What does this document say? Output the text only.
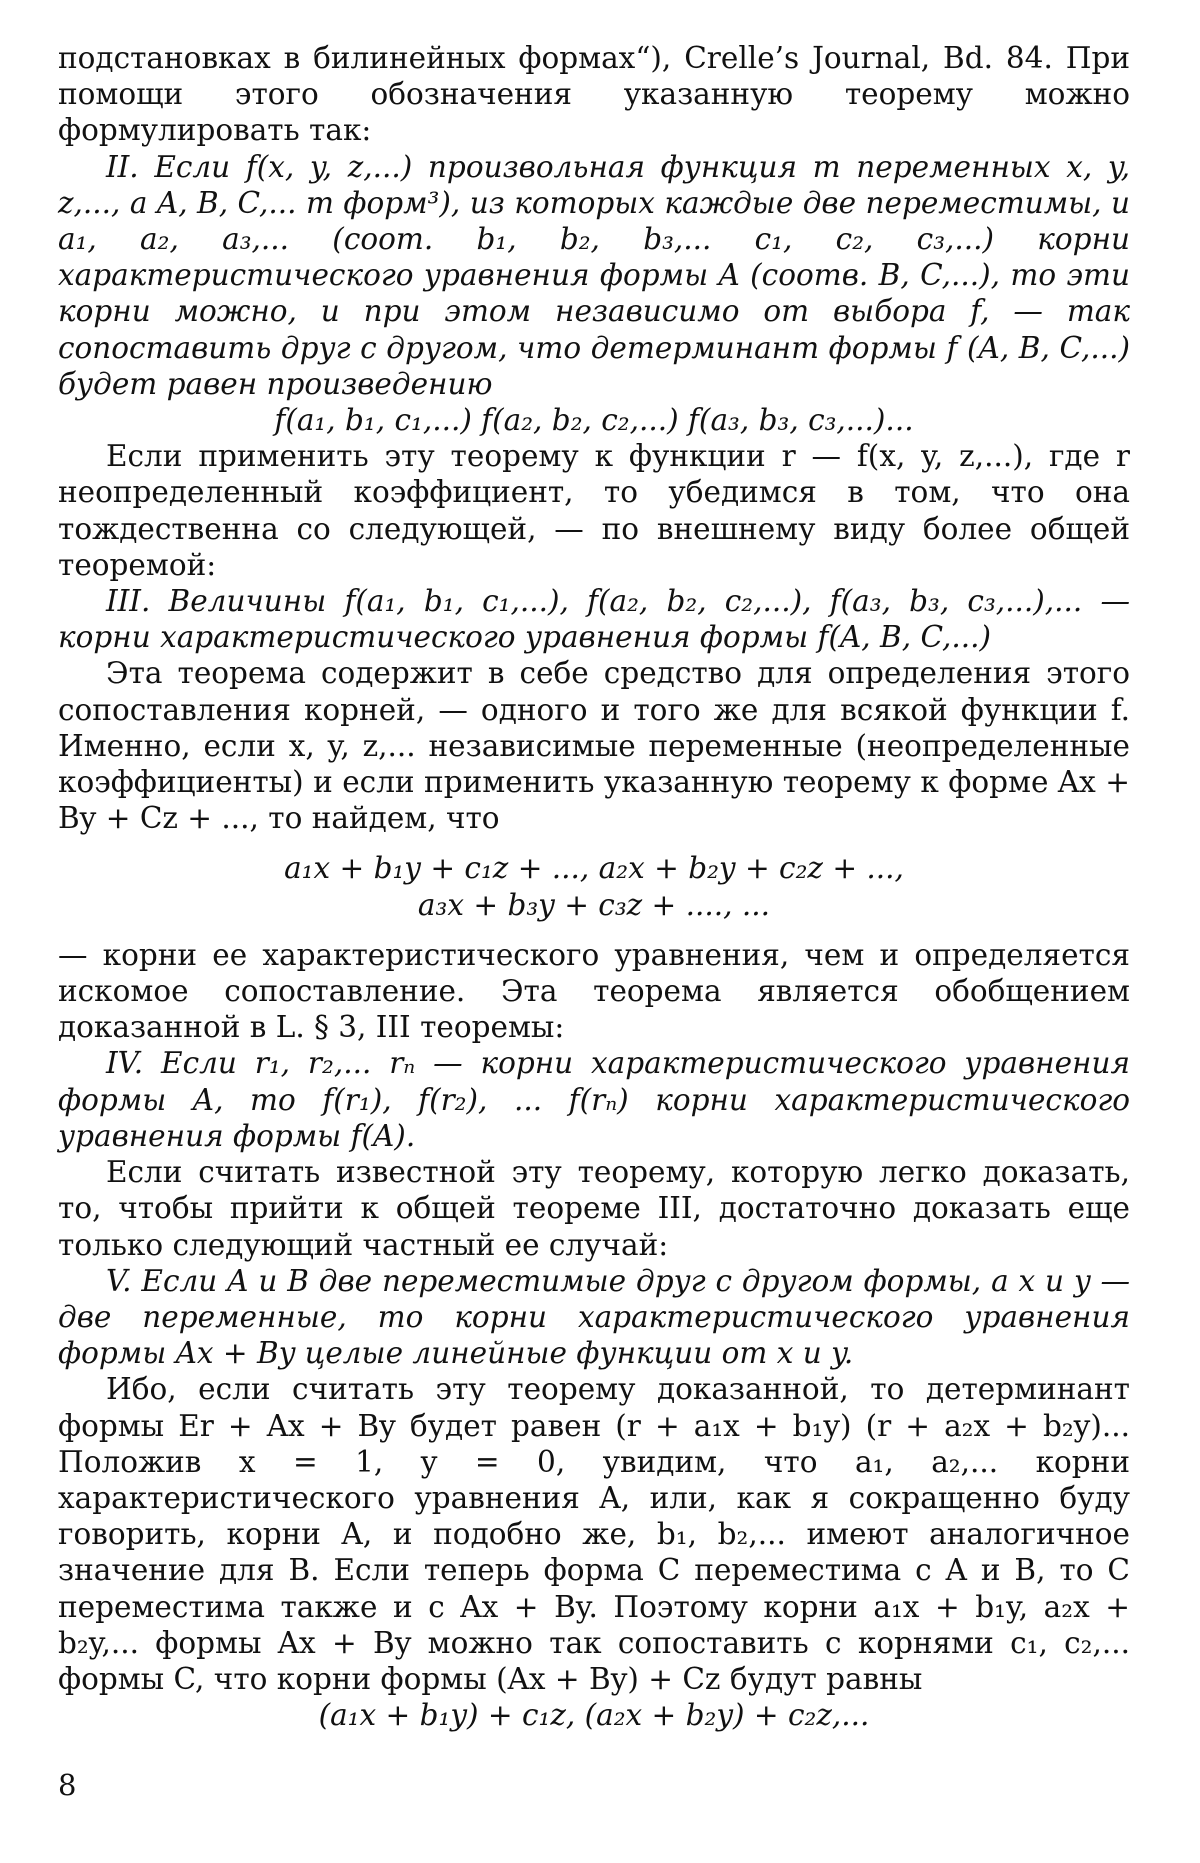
подстановках в билинейных формах“), Crelle’s Journal, Bd. 84. При помощи этого обозначения указанную теорему можно формулировать так:

II. Если f(x, y, z,...) произвольная функция m переменных x, y, z,..., а A, B, C,... m форм³), из которых каждые две переместимы, и a₁, a₂, a₃,... (соот. b₁, b₂, b₃,... c₁, c₂, c₃,...) корни характеристического уравнения формы A (соотв. B, C,...), то эти корни можно, и при этом независимо от выбора f, — так сопоставить друг с другом, что детерминант формы f (A, B, C,...) будет равен произведению

f(a₁, b₁, c₁,...) f(a₂, b₂, c₂,...) f(a₃, b₃, c₃,...)...

Если применить эту теорему к функции r — f(x, y, z,...), где r неопределенный коэффициент, то убедимся в том, что она тождественна со следующей, — по внешнему виду более общей теоремой:

III. Величины f(a₁, b₁, c₁,...), f(a₂, b₂, c₂,...), f(a₃, b₃, c₃,...),... — корни характеристического уравнения формы f(A, B, C,...)

Эта теорема содержит в себе средство для определения этого сопоставления корней, — одного и того же для всякой функции f. Именно, если x, y, z,... независимые переменные (неопределенные коэффициенты) и если применить указанную теорему к форме Ax + By + Cz + ..., то найдем, что

a₁x + b₁y + c₁z + ..., a₂x + b₂y + c₂z + ...,
a₃x + b₃y + c₃z + ...., ...

— корни ее характеристического уравнения, чем и определяется искомое сопоставление. Эта теорема является обобщением доказанной в L. § 3, III теоремы:

IV. Если r₁, r₂,... rₙ — корни характеристического уравнения формы A, то f(r₁), f(r₂), ... f(rₙ) корни характеристического уравнения формы f(A).

Если считать известной эту теорему, которую легко доказать, то, чтобы прийти к общей теореме III, достаточно доказать еще только следующий частный ее случай:

V. Если A и B две переместимые друг с другом формы, а x и y — две переменные, то корни характеристического уравнения формы Ax + By целые линейные функции от x и y.

Ибо, если считать эту теорему доказанной, то детерминант формы Er + Ax + By будет равен (r + a₁x + b₁y) (r + a₂x + b₂y)... Положив x = 1, y = 0, увидим, что a₁, a₂,... корни характеристического уравнения A, или, как я сокращенно буду говорить, корни A, и подобно же, b₁, b₂,... имеют аналогичное значение для B. Если теперь форма C переместима с A и B, то C переместима также и с Ax + By. Поэтому корни a₁x + b₁y, a₂x + b₂y,... формы Ax + By можно так сопоставить с корнями c₁, c₂,... формы C, что корни формы (Ax + By) + Cz будут равны

(a₁x + b₁y) + c₁z, (a₂x + b₂y) + c₂z,...

8
